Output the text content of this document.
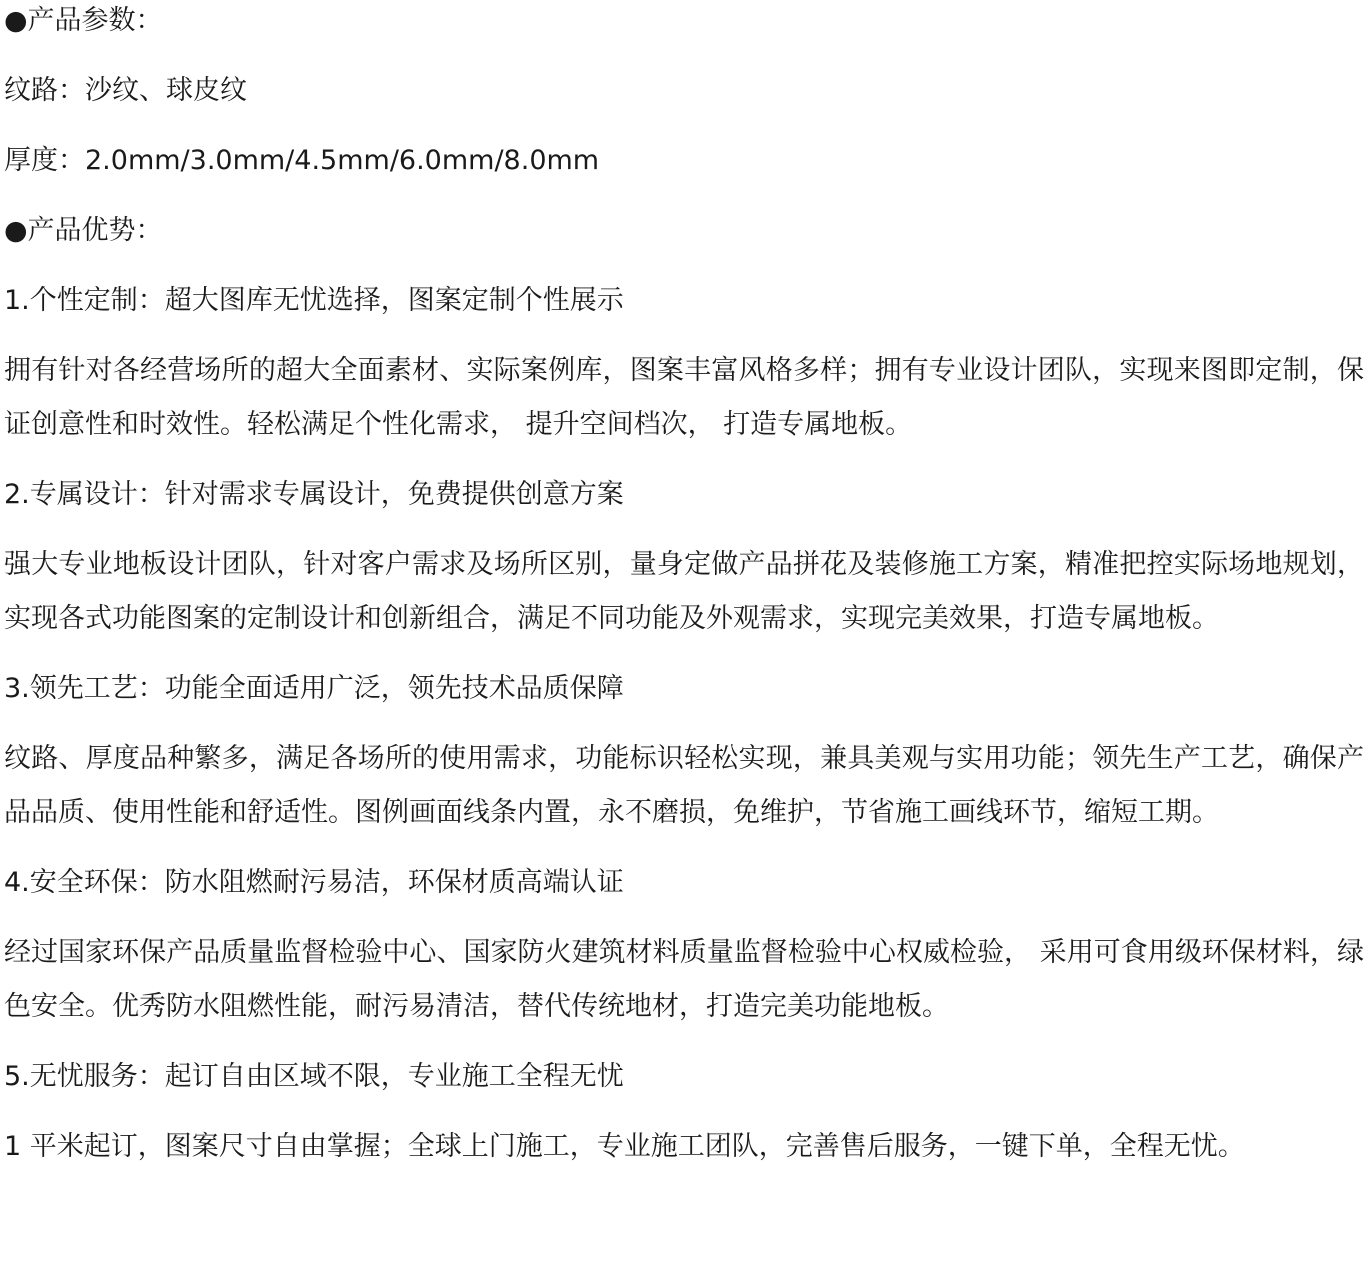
●产品参数：

纹路：沙纹、球皮纹

厚度：2.0mm/3.0mm/4.5mm/6.0mm/8.0mm

●产品优势：

1.个性定制：超大图库无忧选择，图案定制个性展示

拥有针对各经营场所的超大全面素材、实际案例库，图案丰富风格多样；拥有专业设计团队，实现来图即定制，保证创意性和时效性。轻松满足个性化需求， 提升空间档次， 打造专属地板。

2.专属设计：针对需求专属设计，免费提供创意方案

强大专业地板设计团队，针对客户需求及场所区别，量身定做产品拼花及装修施工方案，精准把控实际场地规划，实现各式功能图案的定制设计和创新组合，满足不同功能及外观需求，实现完美效果，打造专属地板。

3.领先工艺：功能全面适用广泛，领先技术品质保障

纹路、厚度品种繁多，满足各场所的使用需求，功能标识轻松实现，兼具美观与实用功能；领先生产工艺，确保产品品质、使用性能和舒适性。图例画面线条内置，永不磨损，免维护，节省施工画线环节，缩短工期。

4.安全环保：防水阻燃耐污易洁，环保材质高端认证

经过国家环保产品质量监督检验中心、国家防火建筑材料质量监督检验中心权威检验， 采用可食用级环保材料，绿色安全。优秀防水阻燃性能，耐污易清洁，替代传统地材，打造完美功能地板。

5.无忧服务：起订自由区域不限，专业施工全程无忧

1 平米起订，图案尺寸自由掌握；全球上门施工，专业施工团队，完善售后服务，一键下单，全程无忧。
